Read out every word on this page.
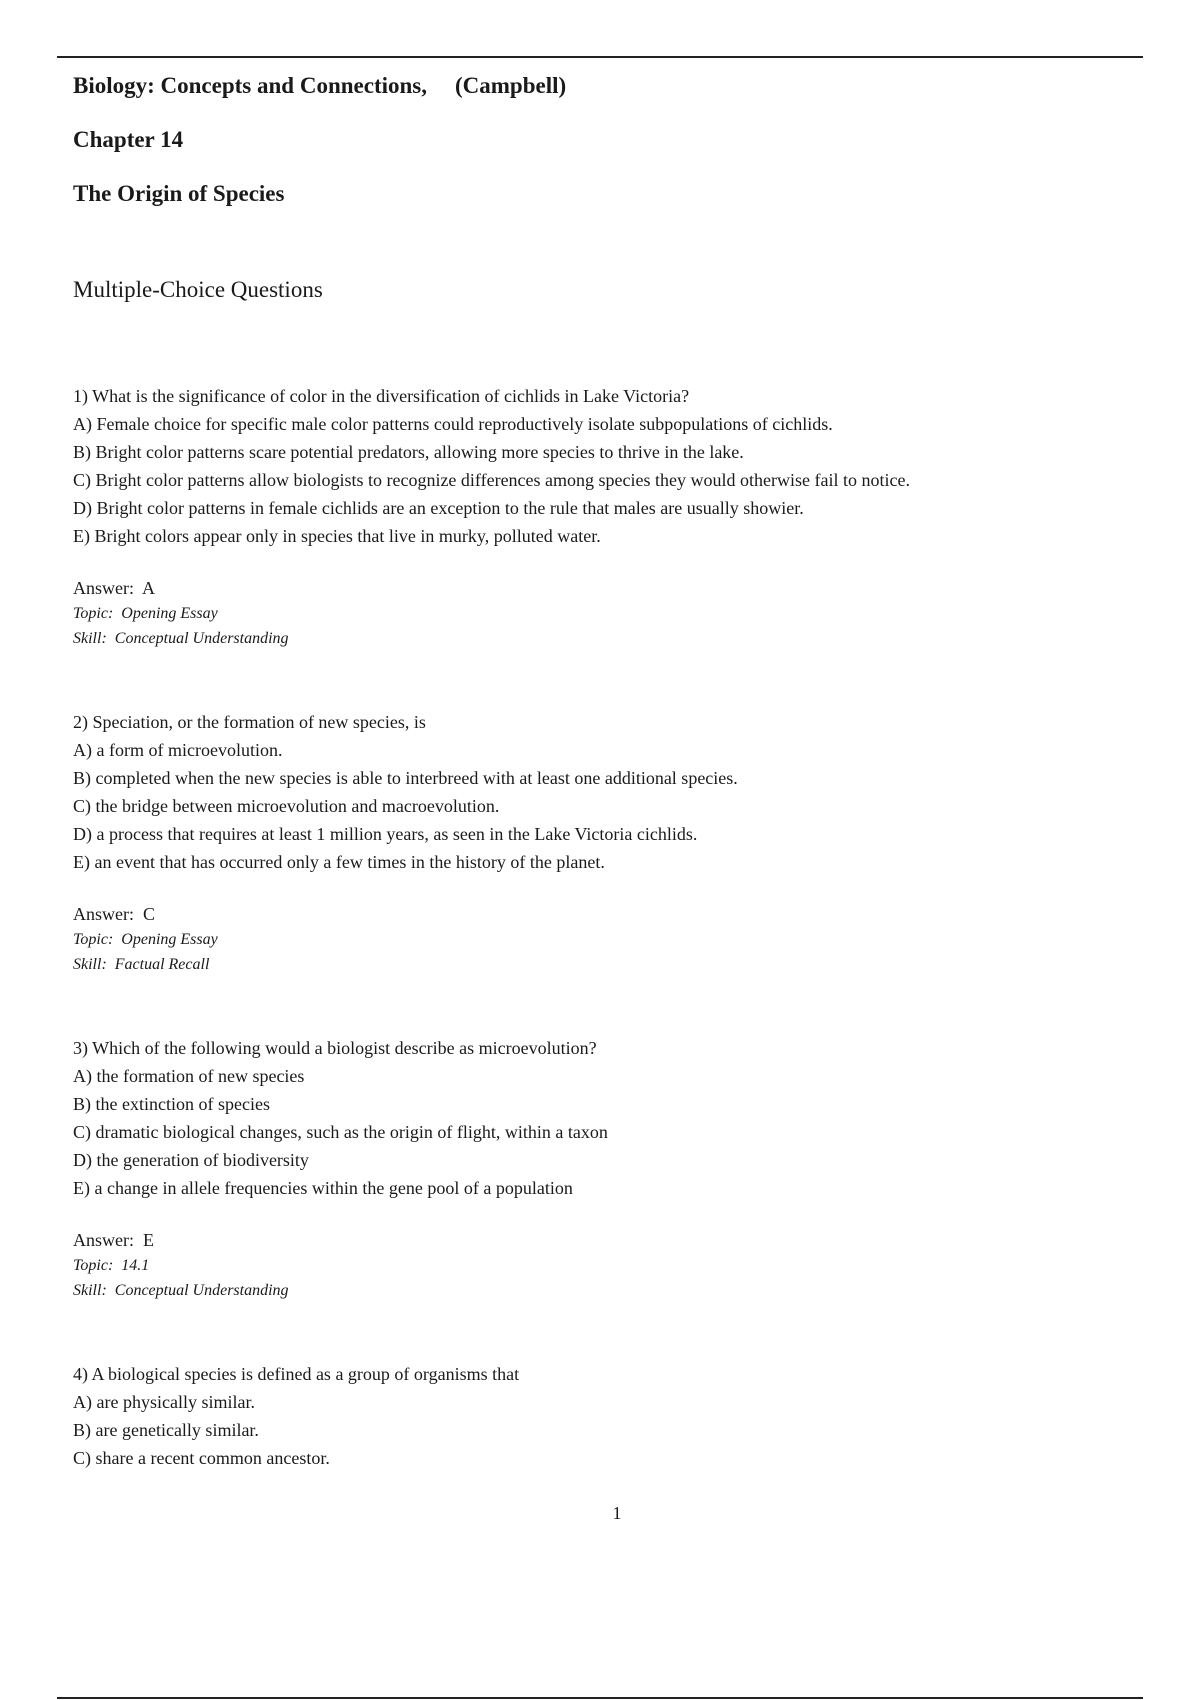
Biology: Concepts and Connections, (Campbell)
Chapter 14
The Origin of Species
Multiple-Choice Questions
1) What is the significance of color in the diversification of cichlids in Lake Victoria?
A) Female choice for specific male color patterns could reproductively isolate subpopulations of cichlids.
B) Bright color patterns scare potential predators, allowing more species to thrive in the lake.
C) Bright color patterns allow biologists to recognize differences among species they would otherwise fail to notice.
D) Bright color patterns in female cichlids are an exception to the rule that males are usually showier.
E) Bright colors appear only in species that live in murky, polluted water.
Answer:  A
Topic:  Opening Essay
Skill:  Conceptual Understanding
2) Speciation, or the formation of new species, is
A) a form of microevolution.
B) completed when the new species is able to interbreed with at least one additional species.
C) the bridge between microevolution and macroevolution.
D) a process that requires at least 1 million years, as seen in the Lake Victoria cichlids.
E) an event that has occurred only a few times in the history of the planet.
Answer:  C
Topic:  Opening Essay
Skill:  Factual Recall
3) Which of the following would a biologist describe as microevolution?
A) the formation of new species
B) the extinction of species
C) dramatic biological changes, such as the origin of flight, within a taxon
D) the generation of biodiversity
E) a change in allele frequencies within the gene pool of a population
Answer:  E
Topic:  14.1
Skill:  Conceptual Understanding
4) A biological species is defined as a group of organisms that
A) are physically similar.
B) are genetically similar.
C) share a recent common ancestor.
1
